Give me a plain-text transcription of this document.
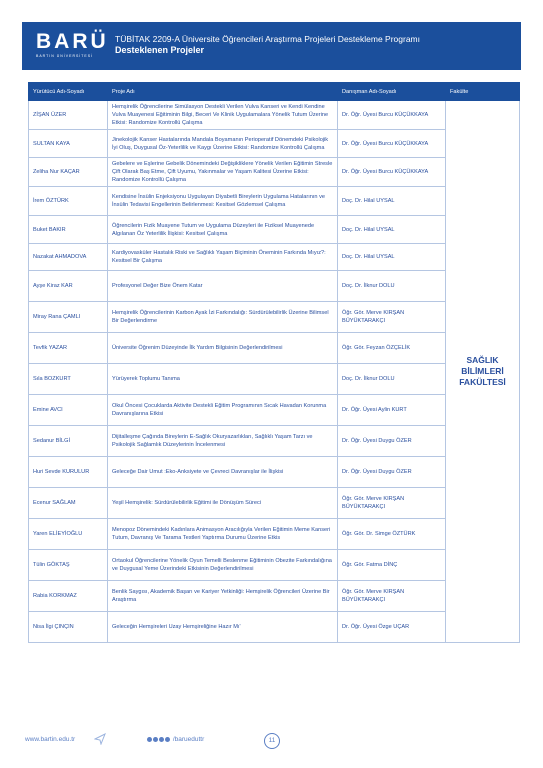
BARÜ
BARTIN ÜNİVERSİTESİ
TÜBİTAK 2209-A Üniversite Öğrencileri Araştırma Projeleri Destekleme Programı
Desteklenen Projeler
Yürütücü Adı-Soyadı	Proje Adı	Danışman Adı-Soyadı	Fakülte
ZİŞAN ÜZER	Hemşirelik Öğrencilerine Simülasyon Destekli Verilen Vulva Kanseri ve Kendi Kendine Vulva Muayenesi Eğitiminin Bilgi, Beceri Ve Klinik Uygulamalara Yönelik Tutum Üzerine Etkisi: Randomize Kontrollü Çalışma	Dr. Öğr. Üyesi Burcu KÜÇÜKKAYA	SAĞLIK BİLİMLERİ FAKÜLTESİ
SULTAN KAYA	Jinekolojik Kanser Hastalarında Mandala Boyamanın Perioperatif Dönemdeki Psikolojik İyi Oluş, Duygusal Öz-Yeterlilik ve Kaygı Üzerine Etkisi: Randomize Kontrollü Çalışma	Dr. Öğr. Üyesi Burcu KÜÇÜKKAYA	
Zeliha Nur KAÇAR	Gebelere ve Eşlerine Gebelik Dönemindeki Değişikliklere Yönelik Verilen Eğitimin Stresle Çift Olarak Baş Etme, Çift Uyumu, Yakınmalar ve Yaşam Kalitesi Üzerine Etkisi: Randomize Kontrollü Çalışma	Dr. Öğr. Üyesi Burcu KÜÇÜKKAYA	
İrem ÖZTÜRK	Kendisine İnsülin Enjeksiyonu Uygulayan Diyabetli Bireylerin Uygulama Hatalarının ve İnsülin Tedavisi Engellerinin Belirlenmesi: Kesitsel Gözlemsel Çalışma	Doç. Dr. Hilal UYSAL	
Buket BAKIR	Öğrencilerin Fizik Muayene Tutum ve Uygulama Düzeyleri ile Fiziksel Muayenede Algılanan Öz Yeterlilik İlişkisi: Kesitsel Çalışma	Doç. Dr. Hilal UYSAL	
Nazakat AHMADOVA	Kardiyovasküler Hastalık Riski ve Sağlıklı Yaşam Biçiminin Öneminin Farkında Mıyız?: Kesitsel Bir Çalışma	Doç. Dr. Hilal UYSAL	
Ayşe Kiraz KAR	Profesyonel Değer Bize Önem Katar	Doç. Dr. İlknur DOLU	
Miray Rana ÇAMLI	Hemşirelik Öğrencilerinin Karbon Ayak İzi Farkındalığı: Sürdürülebilirlik Üzerine Bilimsel Bir Değerlendirme	Öğr. Gör. Merve KIRŞAN BÜYÜKTARAKÇI	
Tevfik YAZAR	Üniversite Öğrenim Düzeyinde İlk Yardım Bilgisinin Değerlendirilmesi	Öğr. Gör. Feyzan ÖZÇELİK	
Sıla BOZKURT	Yürüyerek Toplumu Tanıma	Doç. Dr. İlknur DOLU	
Emine AVCI	Okul Öncesi Çocuklarda Aktivite Destekli Eğitim Programının Sıcak Havadan Korunma Davranışlarına Etkisi	Dr. Öğr. Üyesi Aylin KURT	
Sedanur BİLGİ	Dijitalleşme Çağında Bireylerin E-Sağlık Okuryazarlıkları, Sağlıklı Yaşam Tarzı ve Psikolojik Sağlamlık Düzeylerinin İncelenmesi	Dr. Öğr. Üyesi Duygu ÖZER	
Huri Sevde KURULUR	Geleceğe Dair Umut :Eko-Anksiyete ve Çevreci Davranışlar ile İlişkisi	Dr. Öğr. Üyesi Duygu ÖZER	
Ecenur SAĞLAM	Yeşil Hemşirelik: Sürdürülebilirlik Eğitimi ile Dönüşüm Süreci	Öğr. Gör. Merve KIRŞAN BÜYÜKTARAKÇI	
Yaren ELİEYİOĞLU	Menopoz Dönemindeki Kadınlara Animasyon Aracılığıyla Verilen Eğitimin Meme Kanseri Tutum, Davranış Ve Tarama Testleri Yaptırma Durumu Üzerine Etkis	Öğr. Gör. Dr. Simge ÖZTÜRK	
Tülin GÖKTAŞ	Ortaokul Öğrencilerine Yönelik Oyun Temelli Beslenme Eğitiminin Obezite Farkındalığına ve Duygusal Yeme Üzerindeki Etkisinin Değerlendirilmesi	Öğr. Gör. Fatma DİNÇ	
Rabia KORKMAZ	Benlik Saygısı, Akademik Başarı ve Kariyer Yetkinliği: Hemşirelik Öğrencileri Üzerine Bir Araştırma	Öğr. Gör. Merve KIRŞAN BÜYÜKTARAKÇI	
Nisa İlgi ÇINÇIN	Geleceğin Hemşireleri Uzay Hemşireliğine Hazır Mı'	Dr. Öğr. Üyesi Özge UÇAR	
www.bartin.edu.tr	/barueduttr	11
